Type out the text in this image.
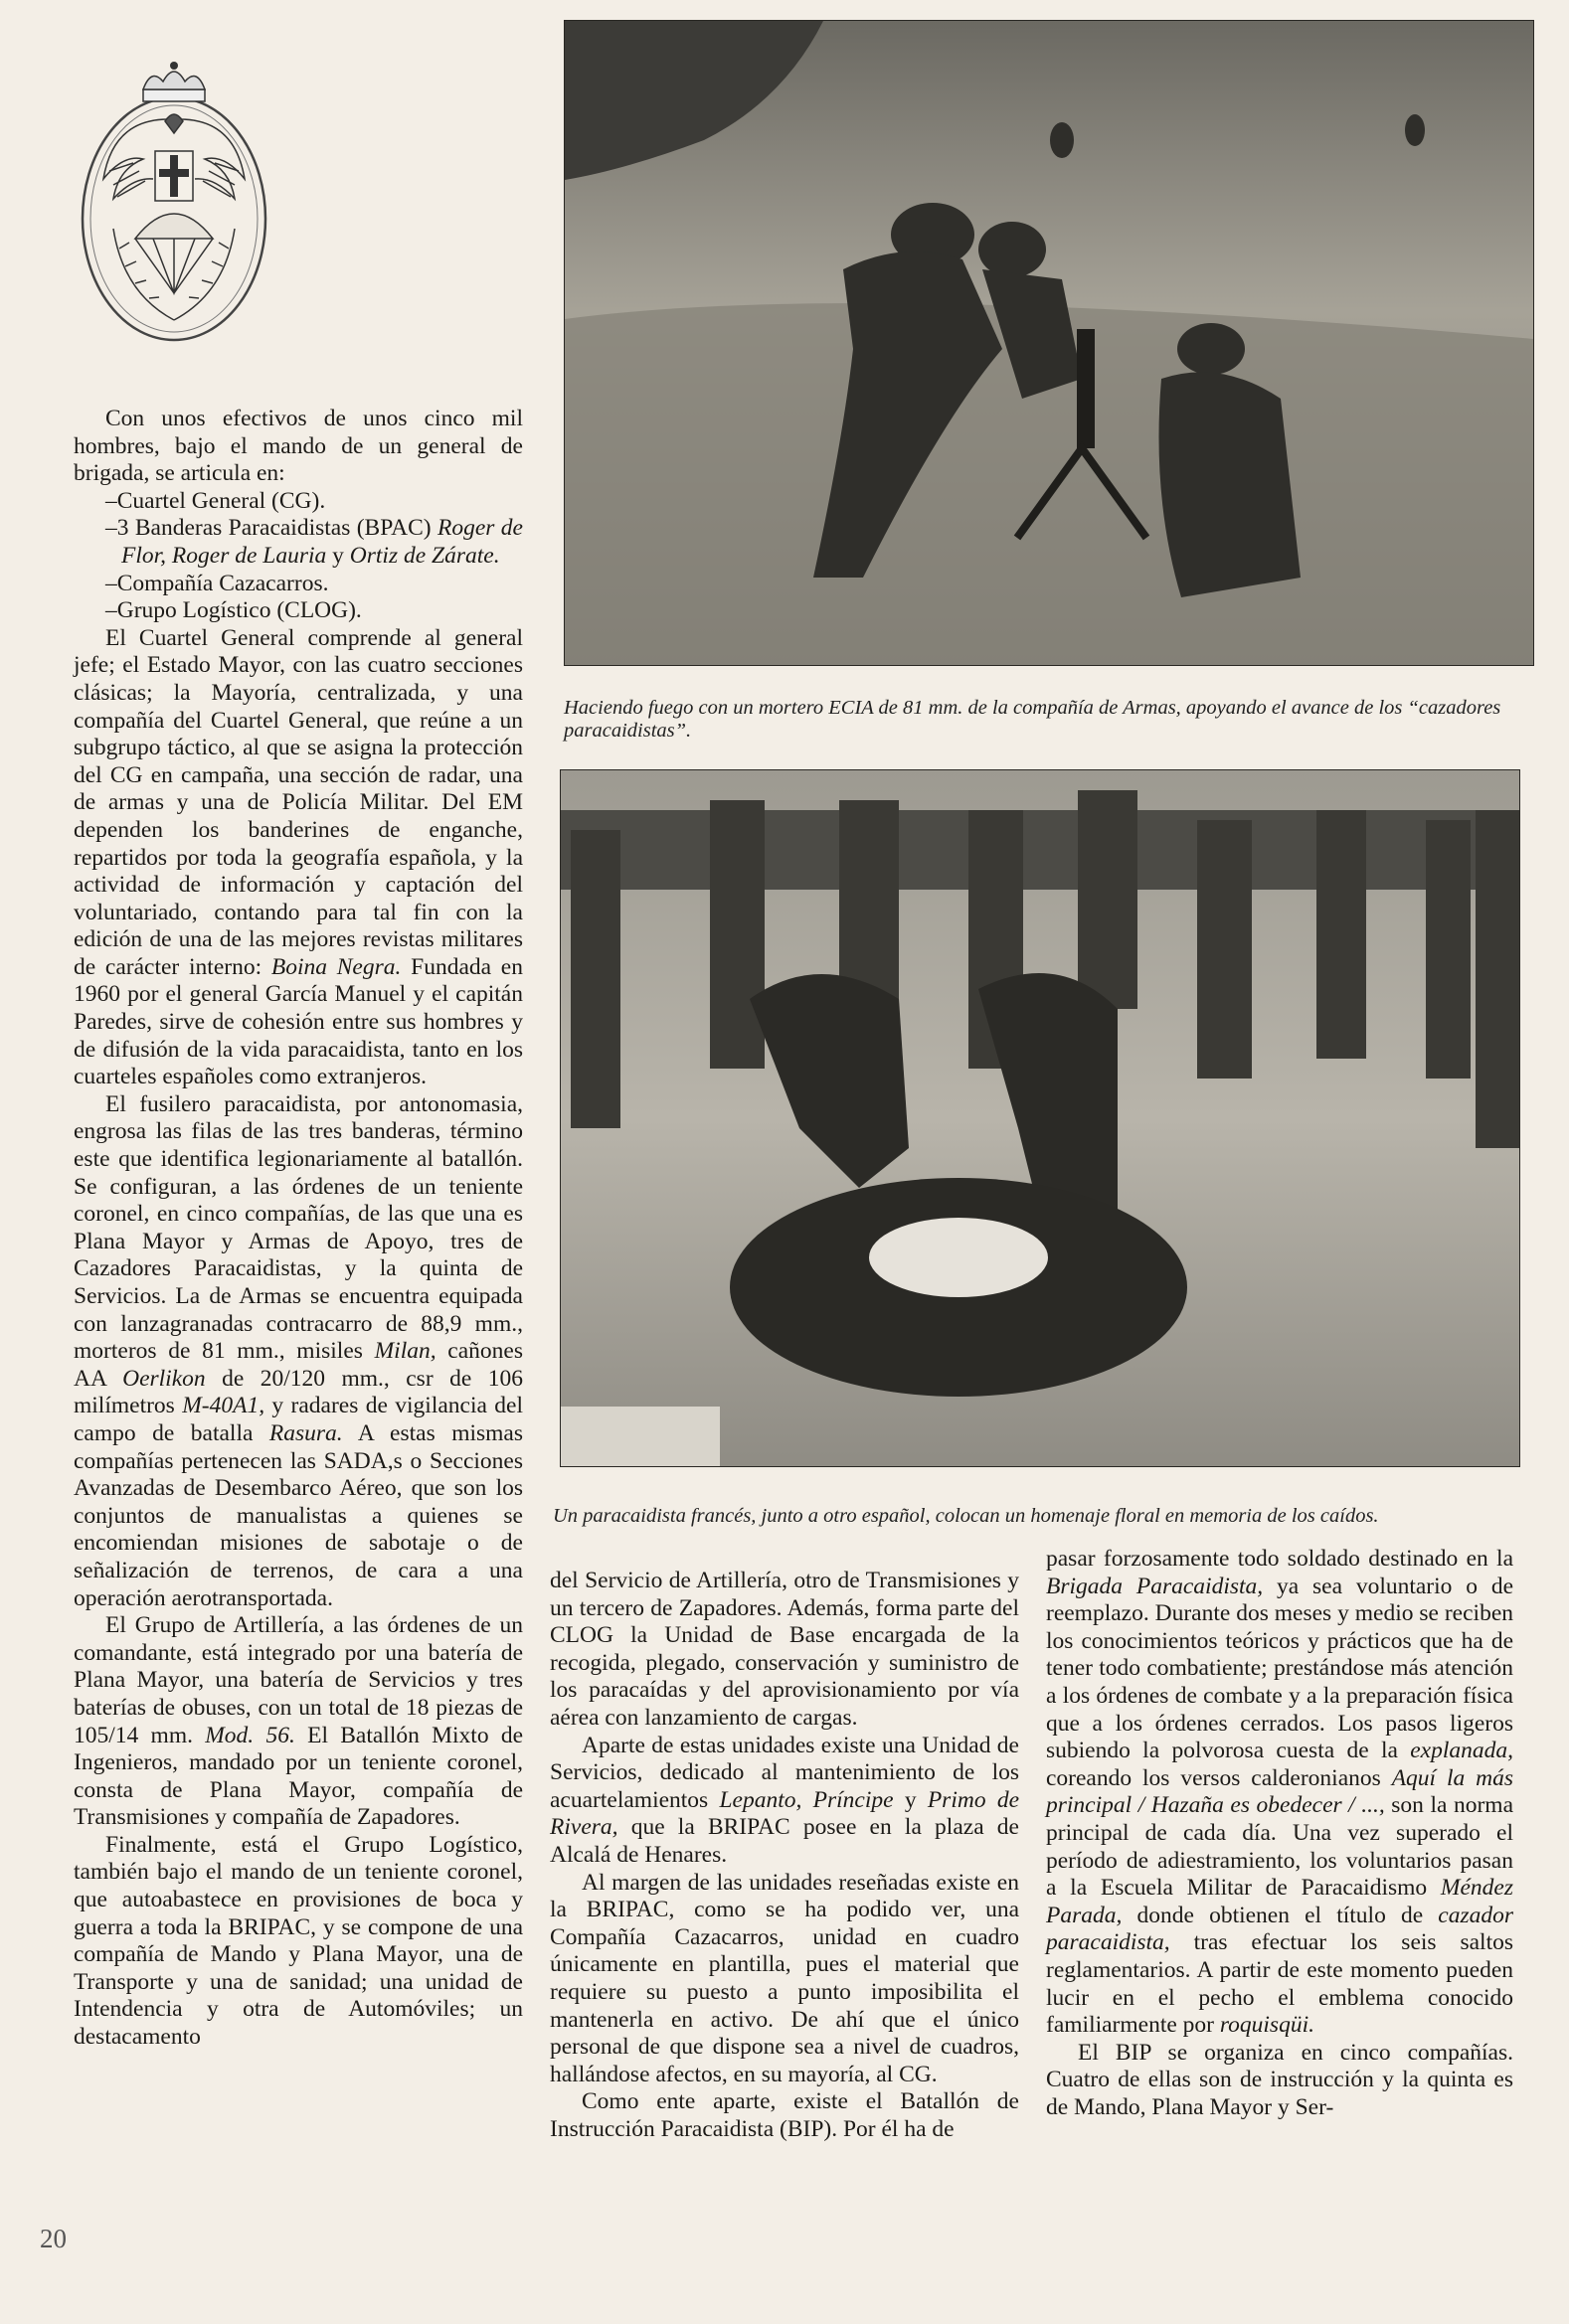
Haciendo fuego con un mortero ECIA de 81 mm. de la compañía de Armas, apoyando el avance de los “cazadores paracaidistas”.

Un paracaidista francés, junto a otro español, colocan un homenaje floral en memoria de los caídos.

Con unos efectivos de unos cinco mil hombres, bajo el mando de un general de brigada, se articula en:

–Cuartel General (CG).

–3 Banderas Paracaidistas (BPAC) Roger de Flor, Roger de Lauria y Ortiz de Zárate.

–Compañía Cazacarros.

–Grupo Logístico (CLOG).

El Cuartel General comprende al general jefe; el Estado Mayor, con las cuatro secciones clásicas; la Mayoría, centralizada, y una compañía del Cuartel General, que reúne a un subgrupo táctico, al que se asigna la protección del CG en campaña, una sección de radar, una de armas y una de Policía Militar. Del EM dependen los banderines de enganche, repartidos por toda la geografía española, y la actividad de información y captación del voluntariado, contando para tal fin con la edición de una de las mejores revistas militares de carácter interno: Boina Negra. Fundada en 1960 por el general García Manuel y el capitán Paredes, sirve de cohesión entre sus hombres y de difusión de la vida paracaidista, tanto en los cuarteles españoles como extranjeros.

El fusilero paracaidista, por antonomasia, engrosa las filas de las tres banderas, término este que identifica legionariamente al batallón. Se configuran, a las órdenes de un teniente coronel, en cinco compañías, de las que una es Plana Mayor y Armas de Apoyo, tres de Cazadores Paracaidistas, y la quinta de Servicios. La de Armas se encuentra equipada con lanzagranadas contracarro de 88,9 mm., morteros de 81 mm., misiles Milan, cañones AA Oerlikon de 20/120 mm., csr de 106 milímetros M-40A1, y radares de vigilancia del campo de batalla Rasura. A estas mismas compañías pertenecen las SADA,s o Secciones Avanzadas de Desembarco Aéreo, que son los conjuntos de manualistas a quienes se encomiendan misiones de sabotaje o de señalización de terrenos, de cara a una operación aerotransportada.

El Grupo de Artillería, a las órdenes de un comandante, está integrado por una batería de Plana Mayor, una batería de Servicios y tres baterías de obuses, con un total de 18 piezas de 105/14 mm. Mod. 56. El Batallón Mixto de Ingenieros, mandado por un teniente coronel, consta de Plana Mayor, compañía de Transmisiones y compañía de Zapadores.

Finalmente, está el Grupo Logístico, también bajo el mando de un teniente coronel, que autoabastece en provisiones de boca y guerra a toda la BRIPAC, y se compone de una compañía de Mando y Plana Mayor, una de Transporte y una de sanidad; una unidad de Intendencia y otra de Automóviles; un destacamento

del Servicio de Artillería, otro de Transmisiones y un tercero de Zapadores. Además, forma parte del CLOG la Unidad de Base encargada de la recogida, plegado, conservación y suministro de los paracaídas y del aprovisionamiento por vía aérea con lanzamiento de cargas.

Aparte de estas unidades existe una Unidad de Servicios, dedicado al mantenimiento de los acuartelamientos Lepanto, Príncipe y Primo de Rivera, que la BRIPAC posee en la plaza de Alcalá de Henares.

Al margen de las unidades reseñadas existe en la BRIPAC, como se ha podido ver, una Compañía Cazacarros, unidad en cuadro únicamente en plantilla, pues el material que requiere su puesto a punto imposibilita el mantenerla en activo. De ahí que el único personal de que dispone sea a nivel de cuadros, hallándose afectos, en su mayoría, al CG.

Como ente aparte, existe el Batallón de Instrucción Paracaidista (BIP). Por él ha de

pasar forzosamente todo soldado destinado en la Brigada Paracaidista, ya sea voluntario o de reemplazo. Durante dos meses y medio se reciben los conocimientos teóricos y prácticos que ha de tener todo combatiente; prestándose más atención a los órdenes de combate y a la preparación física que a los órdenes cerrados. Los pasos ligeros subiendo la polvorosa cuesta de la explanada, coreando los versos calderonianos Aquí la más principal / Hazaña es obedecer / ..., son la norma principal de cada día. Una vez superado el período de adiestramiento, los voluntarios pasan a la Escuela Militar de Paracaidismo Méndez Parada, donde obtienen el título de cazador paracaidista, tras efectuar los seis saltos reglamentarios. A partir de este momento pueden lucir en el pecho el emblema conocido familiarmente por roquisqüi.

El BIP se organiza en cinco compañías. Cuatro de ellas son de instrucción y la quinta es de Mando, Plana Mayor y Ser-

20
